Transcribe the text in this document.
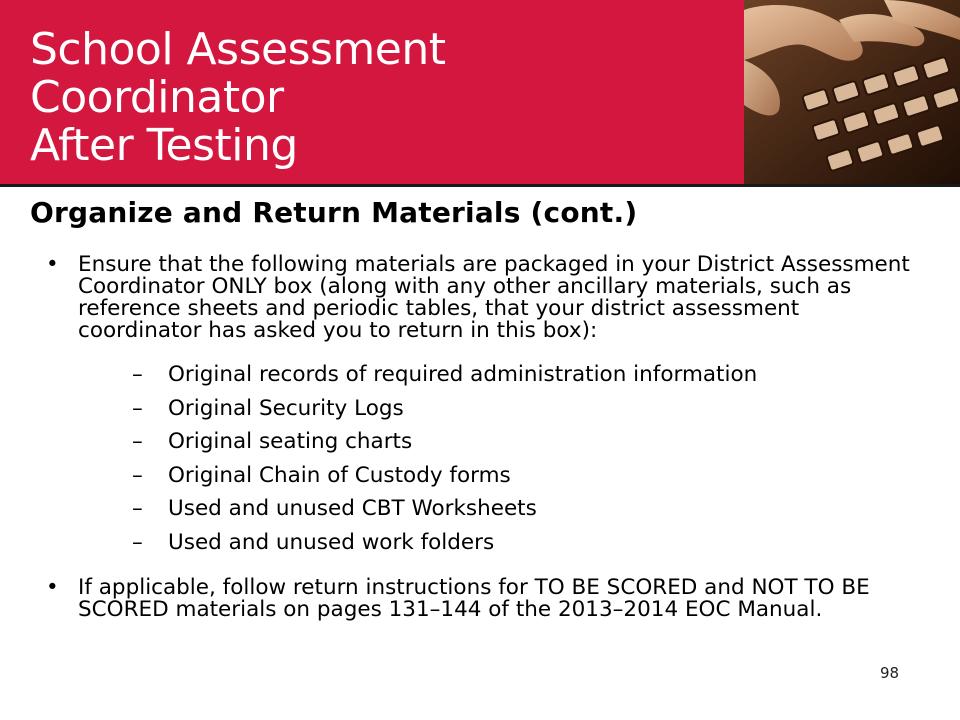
School Assessment
Coordinator
After Testing
Organize and Return Materials (cont.)
• Ensure that the following materials are packaged in your District Assessment Coordinator ONLY box (along with any other ancillary materials, such as reference sheets and periodic tables, that your district assessment coordinator has asked you to return in this box):
– Original records of required administration information
– Original Security Logs
– Original seating charts
– Original Chain of Custody forms
– Used and unused CBT Worksheets
– Used and unused work folders
• If applicable, follow return instructions for TO BE SCORED and NOT TO BE SCORED materials on pages 131–144 of the 2013–2014 EOC Manual.
98
